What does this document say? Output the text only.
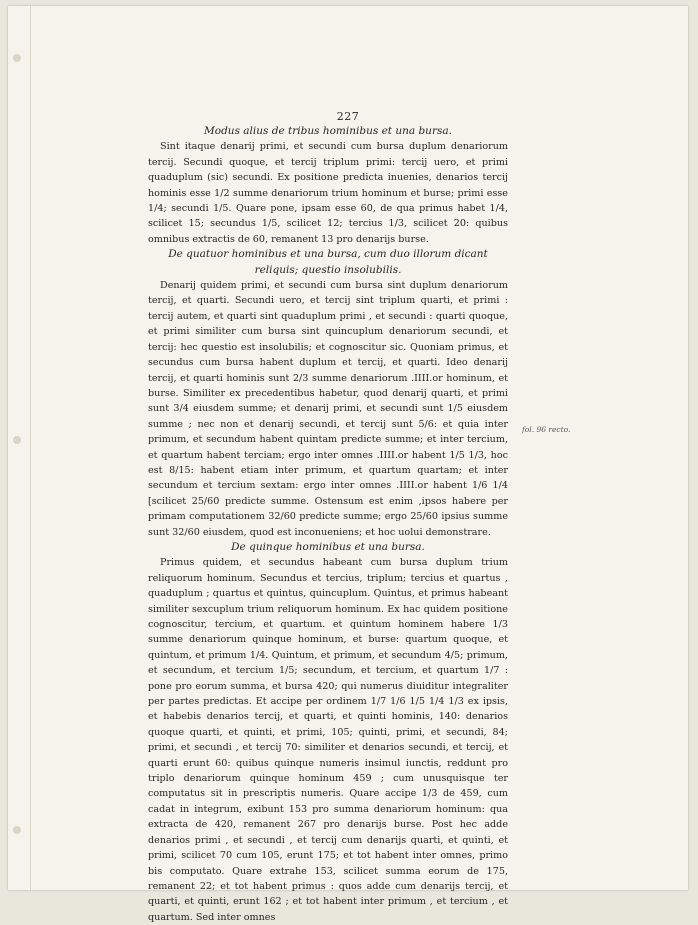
227

Modus alius de tribus hominibus et una bursa.

Sint itaque denarij primi, et secundi cum bursa duplum denariorum tercij. Secundi quoque, et tercij triplum primi: tercij uero, et primi quaduplum (sic) secundi. Ex positione predicta inuenies, denarios tercij hominis esse 1/2 summe denariorum trium hominum et burse; primi esse 1/4; secundi 1/5. Quare pone, ipsam esse 60, de qua primus habet 1/4, scilicet 15; secundus 1/5, scilicet 12; tercius 1/3, scilicet 20: quibus omnibus extractis de 60, remanent 13 pro denarijs burse.

De quatuor hominibus et una bursa, cum duo illorum dicant reliquis; questio insolubilis.

Denarij quidem primi, et secundi cum bursa sint duplum denariorum tercij, et quarti. Secundi uero, et tercij sint triplum quarti, et primi : tercij autem, et quarti sint quaduplum primi , et secundi : quarti quoque, et primi similiter cum bursa sint quincuplum denariorum secundi, et tercij: hec questio est insolubilis; et cognoscitur sic. Quoniam primus, et secundus cum bursa habent duplum et tercij, et quarti. Ideo denarij tercij, et quarti hominis sunt 2/3 summe denariorum .IIII.or hominum, et burse. Similiter ex precedentibus habetur, quod denarij quarti, et primi sunt 3/4 eiusdem summe; et denarij primi, et secundi sunt 1/5 eiusdem summe ; nec non et denarij secundi, et tercij sunt 5/6: et quia inter primum, et secundum habent quintam predicte summe; et inter tercium, et quartum habent terciam; ergo inter omnes .IIII.or habent 1/5 1/3, hoc est 8/15: habent etiam inter primum, et quartum quartam; et inter secundum et tercium sextam: ergo inter omnes .IIII.or habent 1/6 1/4 [scilicet 25/60 predicte summe. Ostensum est enim ,ipsos habere per primam computationem 32/60 predicte summe; ergo 25/60 ipsius summe sunt 32/60 eiusdem, quod est inconueniens; et hoc uolui demonstrare.

De quinque hominibus et una bursa.

Primus quidem, et secundus habeant cum bursa duplum trium reliquorum hominum. Secundus et tercius, triplum; tercius et quartus , quaduplum ; quartus et quintus, quincuplum. Quintus, et primus habeant similiter sexcuplum trium reliquorum hominum. Ex hac quidem positione cognoscitur, tercium, et quartum. et quintum hominem habere 1/3 summe denariorum quinque hominum, et burse: quartum quoque, et quintum, et primum 1/4. Quintum, et primum, et secundum 4/5; primum, et secundum, et tercium 1/5; secundum, et tercium, et quartum 1/7 : pone pro eorum summa, et bursa 420; qui numerus diuiditur integraliter per partes predictas. Et accipe per ordinem 1/7 1/6 1/5 1/4 1/3 ex ipsis, et habebis denarios tercij, et quarti, et quinti hominis, 140: denarios quoque quarti, et quinti, et primi, 105; quinti, primi, et secundi, 84; primi, et secundi , et tercij 70: similiter et denarios secundi, et tercij, et quarti erunt 60: quibus quinque numeris insimul iunctis, reddunt pro triplo denariorum quinque hominum 459 ; cum unusquisque ter computatus sit in prescriptis numeris. Quare accipe 1/3 de 459, cum cadat in integrum, exibunt 153 pro summa denariorum hominum: qua extracta de 420, remanent 267 pro denarijs burse. Post hec adde denarios primi , et secundi , et tercij cum denarijs quarti, et quinti, et primi, scilicet 70 cum 105, erunt 175; et tot habent inter omnes, primo bis computato. Quare extrahe 153, scilicet summa eorum de 175, remanent 22; et tot habent primus : quos adde cum denarijs tercij, et quarti, et quinti, erunt 162 ; et tot habent inter primum , et tercium , et quartum. Sed inter omnes

fol. 96 recto.
